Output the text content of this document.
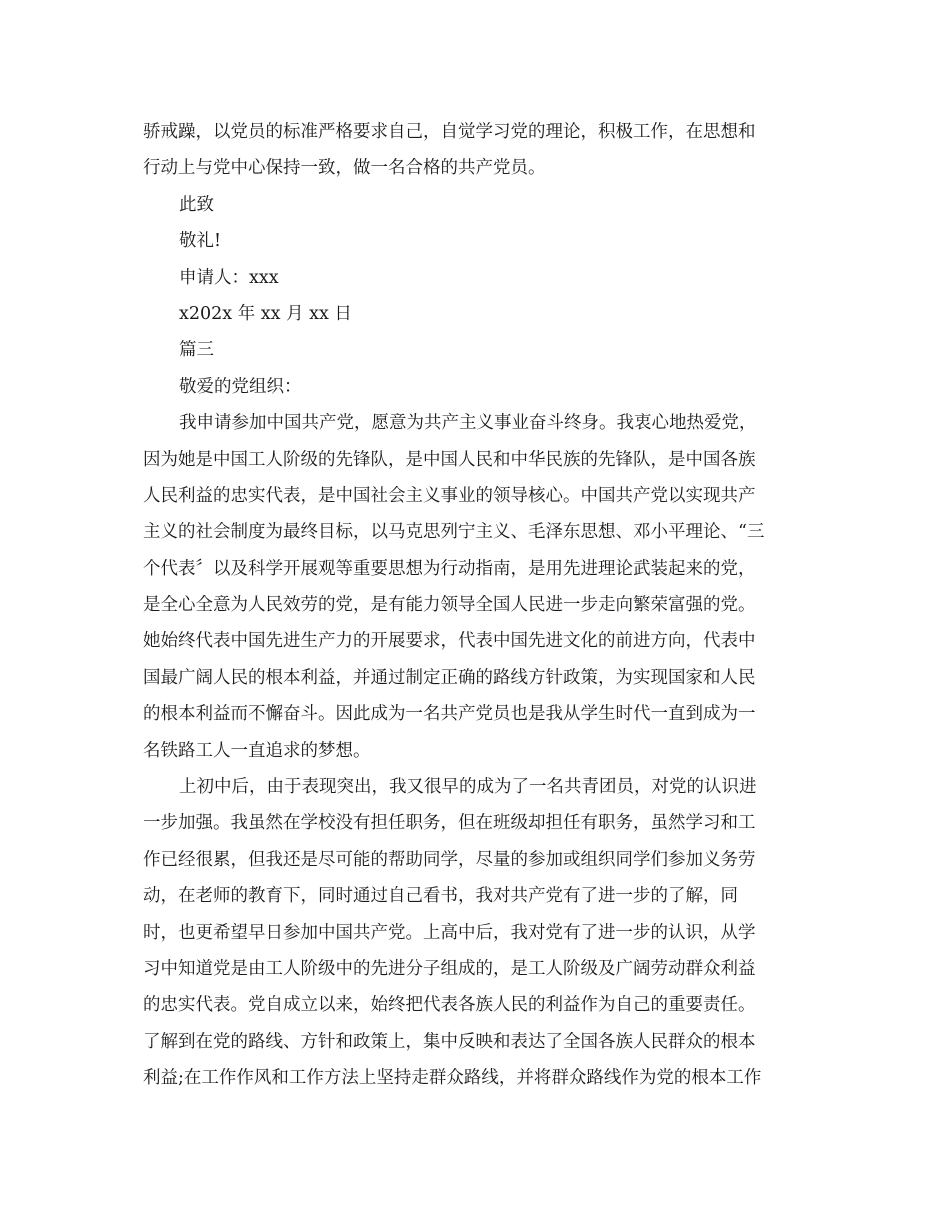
骄戒躁，以党员的标准严格要求自己，自觉学习党的理论，积极工作，在思想和
行动上与党中心保持一致，做一名合格的共产党员。
此致
敬礼!
申请人：xxx
x202x 年 xx 月 xx 日
篇三
敬爱的党组织：
我申请参加中国共产党，愿意为共产主义事业奋斗终身。我衷心地热爱党，
因为她是中国工人阶级的先锋队，是中国人民和中华民族的先锋队，是中国各族
人民利益的忠实代表，是中国社会主义事业的领导核心。中国共产党以实现共产
主义的社会制度为最终目标，以马克思列宁主义、毛泽东思想、邓小平理论、“三
个代表〞以及科学开展观等重要思想为行动指南，是用先进理论武装起来的党，
是全心全意为人民效劳的党，是有能力领导全国人民进一步走向繁荣富强的党。
她始终代表中国先进生产力的开展要求，代表中国先进文化的前进方向，代表中
国最广阔人民的根本利益，并通过制定正确的路线方针政策，为实现国家和人民
的根本利益而不懈奋斗。因此成为一名共产党员也是我从学生时代一直到成为一
名铁路工人一直追求的梦想。
上初中后，由于表现突出，我又很早的成为了一名共青团员，对党的认识进
一步加强。我虽然在学校没有担任职务，但在班级却担任有职务，虽然学习和工
作已经很累，但我还是尽可能的帮助同学，尽量的参加或组织同学们参加义务劳
动，在老师的教育下，同时通过自己看书，我对共产党有了进一步的了解，同
时，也更希望早日参加中国共产党。上高中后，我对党有了进一步的认识，从学
习中知道党是由工人阶级中的先进分子组成的，是工人阶级及广阔劳动群众利益
的忠实代表。党自成立以来，始终把代表各族人民的利益作为自己的重要责任。
了解到在党的路线、方针和政策上，集中反映和表达了全国各族人民群众的根本
利益;在工作作风和工作方法上坚持走群众路线，并将群众路线作为党的根本工作
